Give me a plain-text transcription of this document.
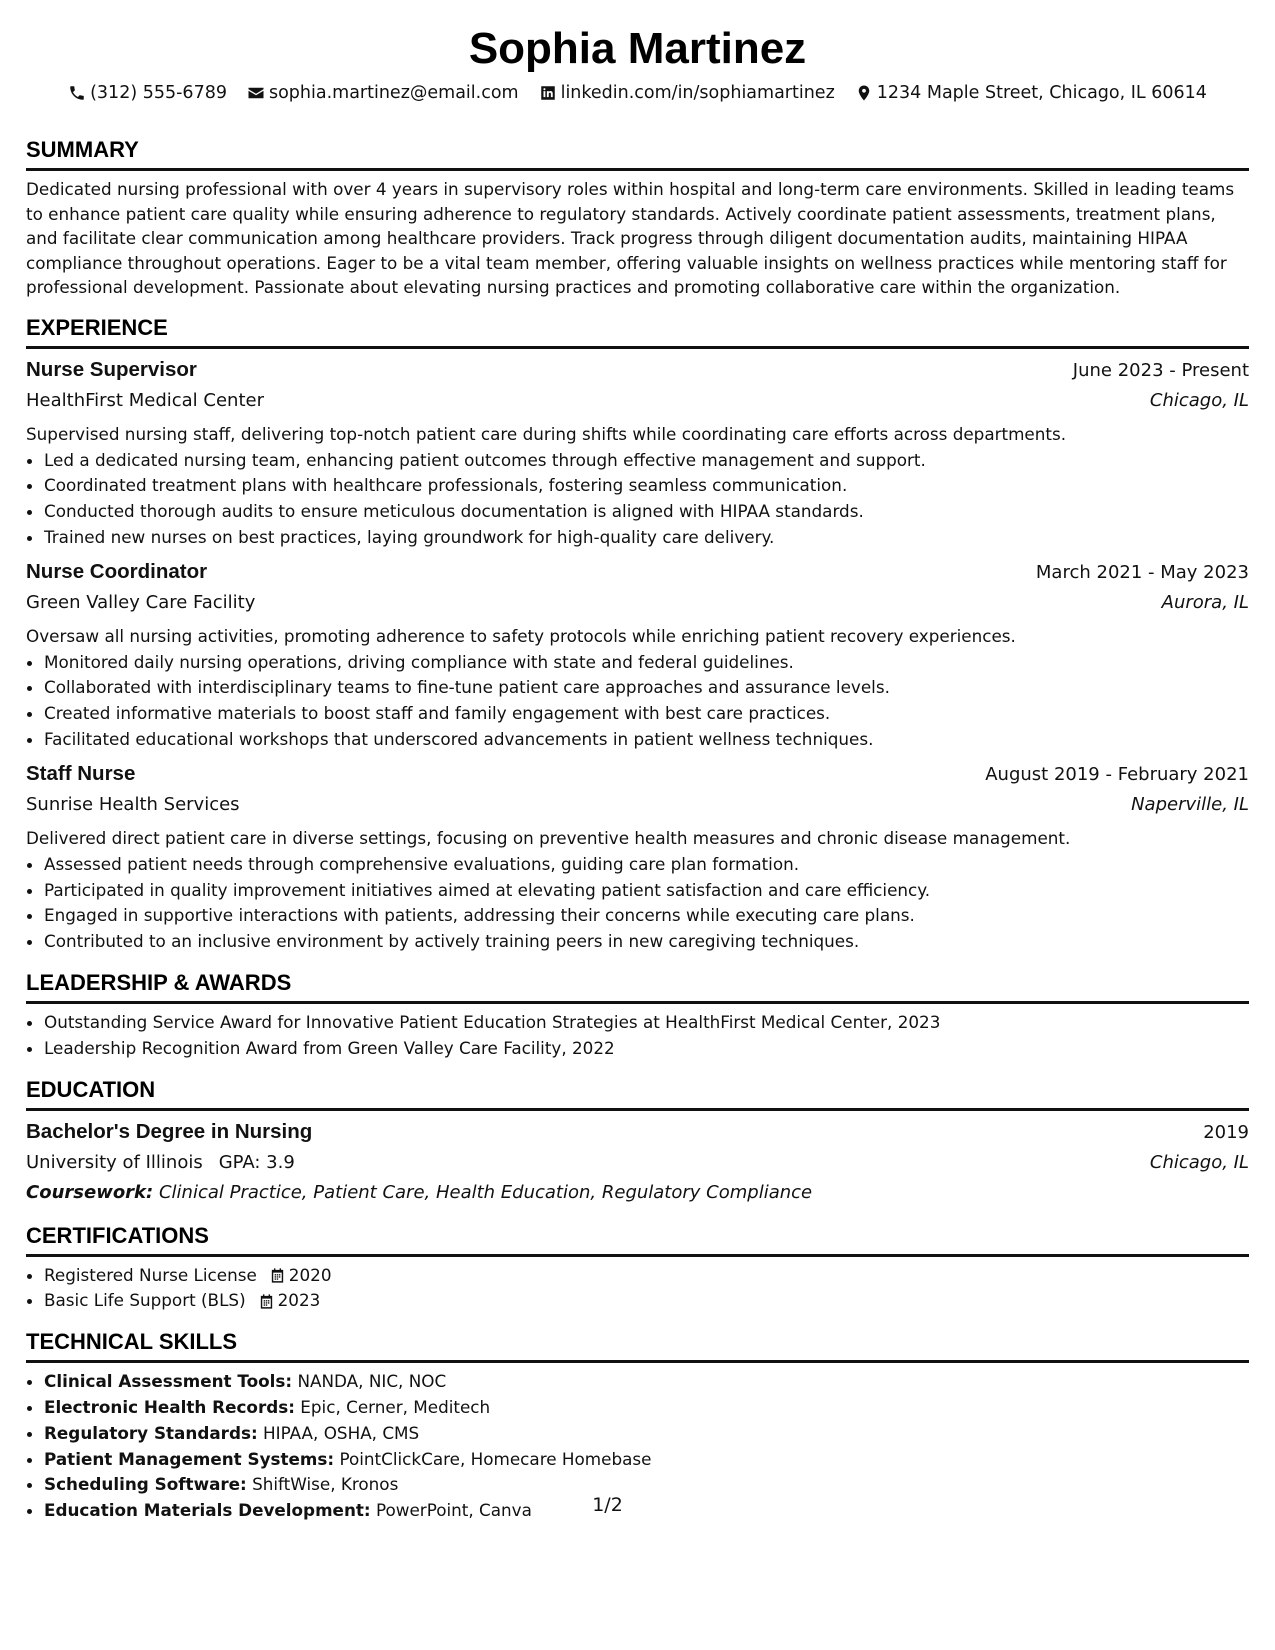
Sophia Martinez
(312) 555-6789 sophia.martinez@email.com linkedin.com/in/sophiamartinez 1234 Maple Street, Chicago, IL 60614
SUMMARY

Dedicated nursing professional with over 4 years in supervisory roles within hospital and long-term care environments. Skilled in leading teams to enhance patient care quality while ensuring adherence to regulatory standards. Actively coordinate patient assessments, treatment plans, and facilitate clear communication among healthcare providers. Track progress through diligent documentation audits, maintaining HIPAA compliance throughout operations. Eager to be a vital team member, offering valuable insights on wellness practices while mentoring staff for professional development. Passionate about elevating nursing practices and promoting collaborative care within the organization.

EXPERIENCE
Nurse Supervisor	June 2023 - Present
HealthFirst Medical Center	Chicago, IL
Supervised nursing staff, delivering top-notch patient care during shifts while coordinating care efforts across departments.
• Led a dedicated nursing team, enhancing patient outcomes through effective management and support.
• Coordinated treatment plans with healthcare professionals, fostering seamless communication.
• Conducted thorough audits to ensure meticulous documentation is aligned with HIPAA standards.
• Trained new nurses on best practices, laying groundwork for high-quality care delivery.
Nurse Coordinator	March 2021 - May 2023
Green Valley Care Facility	Aurora, IL
Oversaw all nursing activities, promoting adherence to safety protocols while enriching patient recovery experiences.
• Monitored daily nursing operations, driving compliance with state and federal guidelines.
• Collaborated with interdisciplinary teams to fine-tune patient care approaches and assurance levels.
• Created informative materials to boost staff and family engagement with best care practices.
• Facilitated educational workshops that underscored advancements in patient wellness techniques.
Staff Nurse	August 2019 - February 2021
Sunrise Health Services	Naperville, IL
Delivered direct patient care in diverse settings, focusing on preventive health measures and chronic disease management.
• Assessed patient needs through comprehensive evaluations, guiding care plan formation.
• Participated in quality improvement initiatives aimed at elevating patient satisfaction and care efficiency.
• Engaged in supportive interactions with patients, addressing their concerns while executing care plans.
• Contributed to an inclusive environment by actively training peers in new caregiving techniques.
LEADERSHIP & AWARDS
• Outstanding Service Award for Innovative Patient Education Strategies at HealthFirst Medical Center, 2023
• Leadership Recognition Award from Green Valley Care Facility, 2022
EDUCATION
Bachelor's Degree in Nursing	2019
University of Illinois GPA: 3.9	Chicago, IL
Coursework: Clinical Practice, Patient Care, Health Education, Regulatory Compliance
CERTIFICATIONS
• Registered Nurse License 2020
• Basic Life Support (BLS) 2023
TECHNICAL SKILLS
• Clinical Assessment Tools: NANDA, NIC, NOC
• Electronic Health Records: Epic, Cerner, Meditech
• Regulatory Standards: HIPAA, OSHA, CMS
• Patient Management Systems: PointClickCare, Homecare Homebase
• Scheduling Software: ShiftWise, Kronos
• Education Materials Development: PowerPoint, Canva	1/2
